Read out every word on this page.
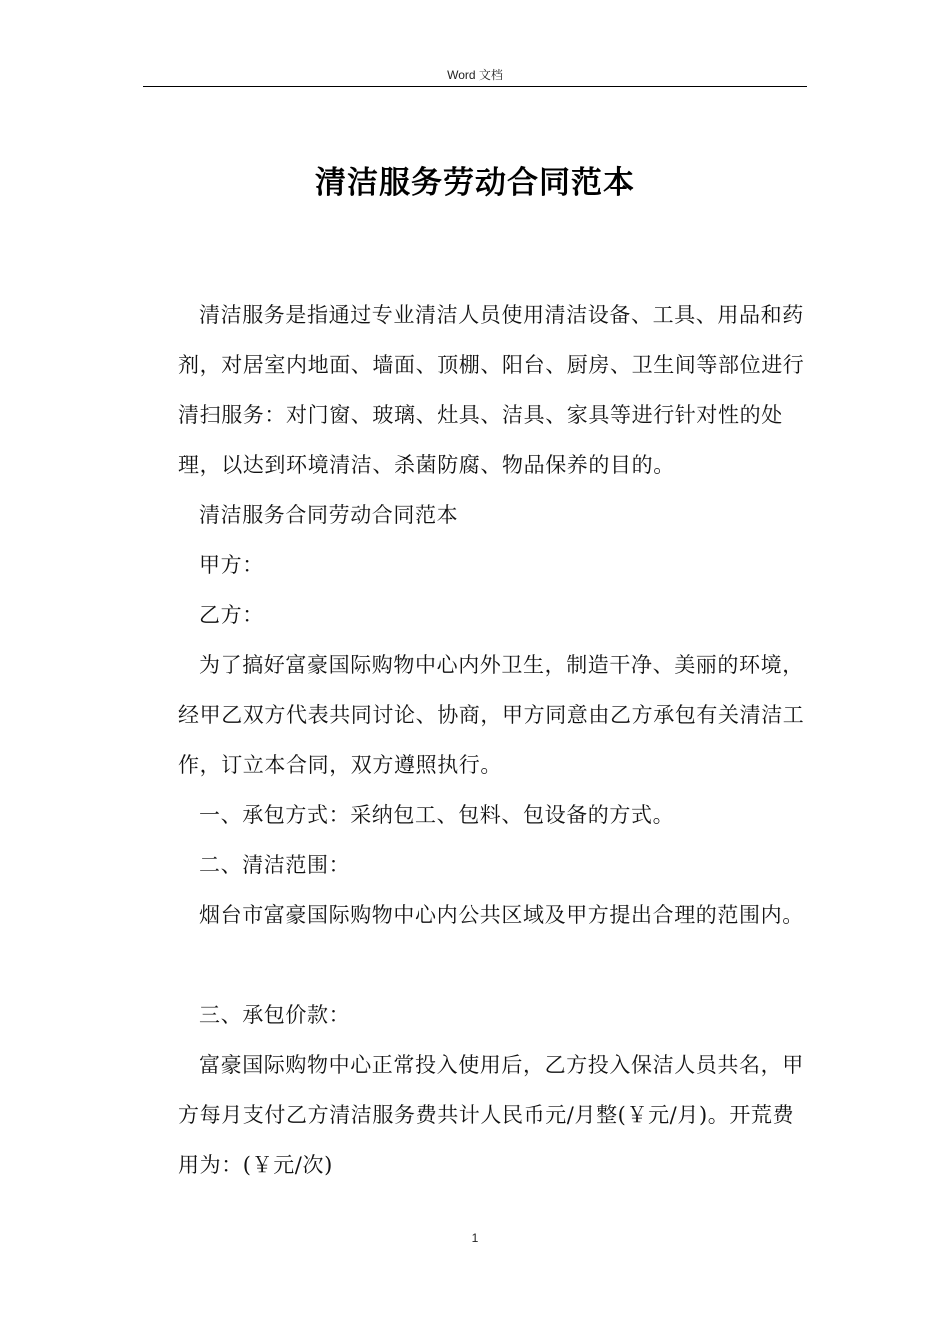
Word 文档
清洁服务劳动合同范本

清洁服务是指通过专业清洁人员使用清洁设备、工具、用品和药剂，对居室内地面、墙面、顶棚、阳台、厨房、卫生间等部位进行清扫服务：对门窗、玻璃、灶具、洁具、家具等进行针对性的处理，以达到环境清洁、杀菌防腐、物品保养的目的。

清洁服务合同劳动合同范本

甲方：

乙方：

为了搞好富豪国际购物中心内外卫生，制造干净、美丽的环境，经甲乙双方代表共同讨论、协商，甲方同意由乙方承包有关清洁工作，订立本合同，双方遵照执行。

一、承包方式：采纳包工、包料、包设备的方式。

二、清洁范围：

烟台市富豪国际购物中心内公共区域及甲方提出合理的范围内。

三、承包价款：

富豪国际购物中心正常投入使用后，乙方投入保洁人员共名，甲方每月支付乙方清洁服务费共计人民币元/月整(￥元/月)。开荒费用为：(￥元/次)

1
